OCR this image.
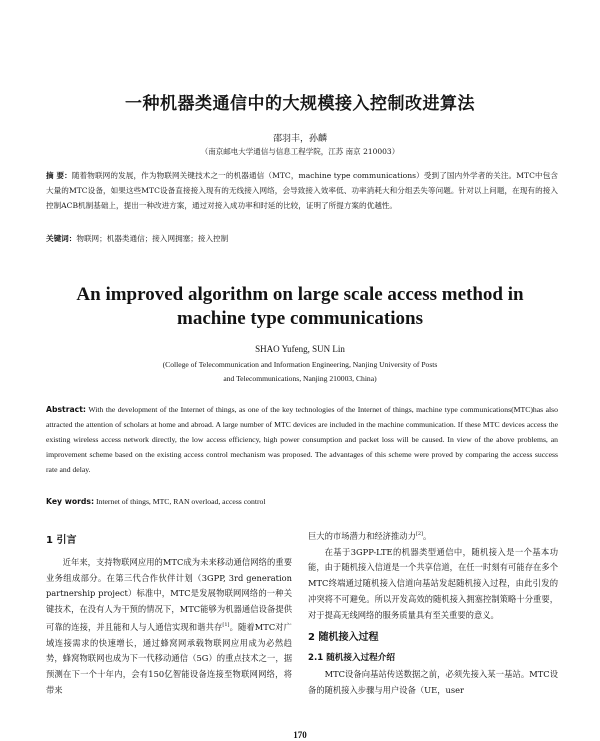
一种机器类通信中的大规模接入控制改进算法
邵羽丰，孙麟
（南京邮电大学通信与信息工程学院，江苏 南京 210003）
摘 要：随着物联网的发展，作为物联网关键技术之一的机器通信（MTC，machine type communications）受到了国内外学者的关注。MTC中包含大量的MTC设备，如果这些MTC设备直接接入现有的无线接入网络，会导致接入效率低、功率消耗大和分组丢失等问题。针对以上问题，在现有的接入控制ACB机制基础上，提出一种改进方案，通过对接入成功率和时延的比较，证明了所提方案的优越性。
关键词：物联网；机器类通信；接入网拥塞；接入控制
An improved algorithm on large scale access method in machine type communications
SHAO Yufeng, SUN Lin
(College of Telecommunication and Information Engineering, Nanjing University of Posts and Telecommunications, Nanjing 210003, China)
Abstract: With the development of the Internet of things, as one of the key technologies of the Internet of things, machine type communications(MTC)has also attracted the attention of scholars at home and abroad. A large number of MTC devices are included in the machine communication. If these MTC devices access the existing wireless access network directly, the low access efficiency, high power consumption and packet loss will be caused. In view of the above problems, an improvement scheme based on the existing access control mechanism was proposed. The advantages of this scheme were proved by comparing the access success rate and delay.
Key words: Internet of things, MTC, RAN overload, access control
1 引言

近年来，支持物联网应用的MTC成为未来移动通信网络的重要业务组成部分。在第三代合作伙伴计划（3GPP, 3rd generation partnership project）标准中，MTC是发展物联网网络的一种关键技术，在没有人为干预的情况下，MTC能够为机器通信设备提供可靠的连接，并且能和人与人通信实现和谐共存[1]。随着MTC对广域连接需求的快速增长，通过蜂窝网承载物联网应用成为必然趋势，蜂窝物联网也成为下一代移动通信（5G）的重点技术之一，据预测在下一个十年内，会有150亿智能设备连接至物联网网络，将带来

巨大的市场潜力和经济推动力[2]。

在基于3GPP-LTE的机器类型通信中，随机接入是一个基本功能，由于随机接入信道是一个共享信道，在任一时刻有可能存在多个MTC终端通过随机接入信道向基站发起随机接入过程，由此引发的冲突将不可避免。所以开发高效的随机接入拥塞控制策略十分重要，对于提高无线网络的服务质量具有至关重要的意义。

2 随机接入过程
2.1 随机接入过程介绍

MTC设备向基站传送数据之前，必须先接入某一基站。MTC设备的随机接入步骤与用户设备（UE，user

170
